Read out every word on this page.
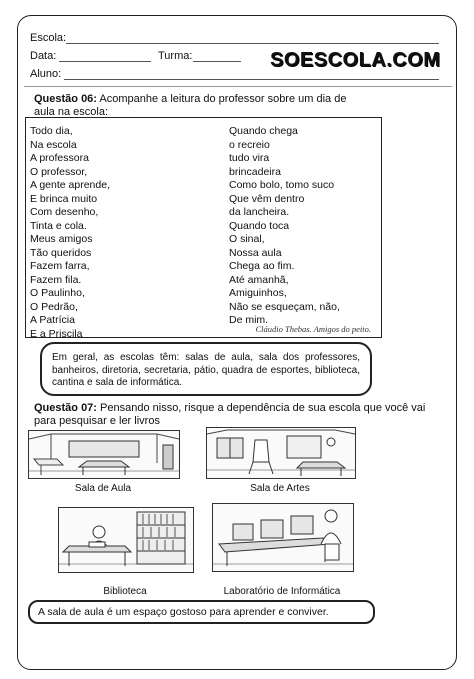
Escola:
Data:	Turma:	SOESCOLA.COM
Aluno:
Questão 06: Acompanhe a leitura do professor sobre um dia de aula na escola:
Todo dia,
Na escola
A professora
O professor,
A gente aprende,
E brinca muito
Com desenho,
Tinta e cola.
Meus amigos
Tão queridos
Fazem farra,
Fazem fila.
O Paulinho,
O Pedrão,
A Patrícia
E a Priscila
Quando chega
o recreio
tudo vira
brincadeira
Como bolo, tomo suco
Que vêm dentro
da lancheira.
Quando toca
O sinal,
Nossa aula
Chega ao fim.
Até amanhã,
Amiguinhos,
Não se esqueçam, não,
De mim.
Cláudio Thebas. Amigos do peito.
Em geral, as escolas têm: salas de aula, sala dos professores, banheiros, diretoria, secretaria, pátio, quadra de esportes, biblioteca, cantina e sala de informática.
Questão 07: Pensando nisso, risque a dependência de sua escola que você vai para pesquisar e ler livros
Sala de Aula	Sala de Artes
Biblioteca	Laboratório de Informática
A sala de aula é um espaço gostoso para aprender e conviver.
